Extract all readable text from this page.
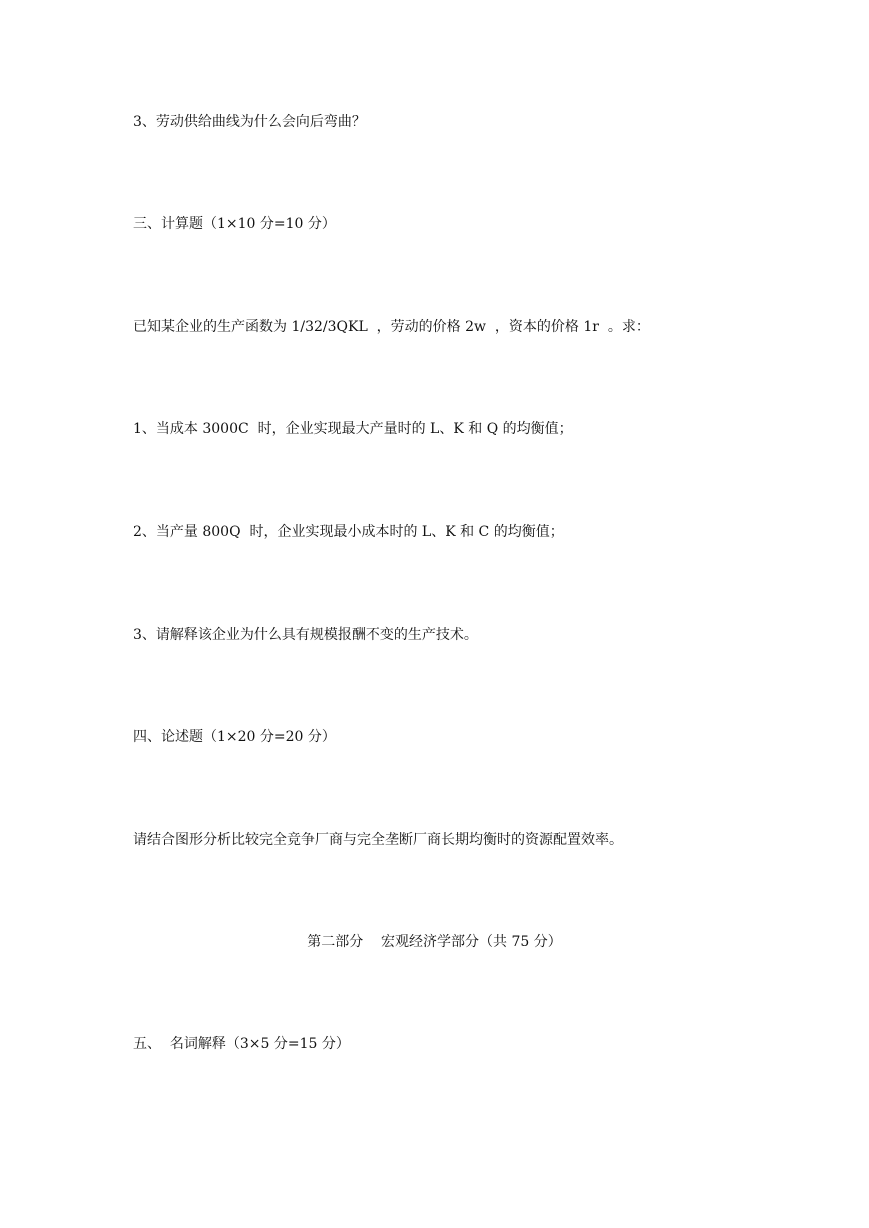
3、劳动供给曲线为什么会向后弯曲？

三、计算题（1×10 分=10 分）

已知某企业的生产函数为 1/32/3QKL  ，劳动的价格 2w  ，资本的价格 1r  。求：

1、当成本 3000C  时，企业实现最大产量时的 L、K 和 Q 的均衡值；

2、当产量 800Q  时，企业实现最小成本时的 L、K 和 C 的均衡值；

3、请解释该企业为什么具有规模报酬不变的生产技术。

四、论述题（1×20 分=20 分）

请结合图形分析比较完全竞争厂商与完全垄断厂商长期均衡时的资源配置效率。

第二部分    宏观经济学部分（共 75 分）

五、  名词解释（3×5 分=15 分）
